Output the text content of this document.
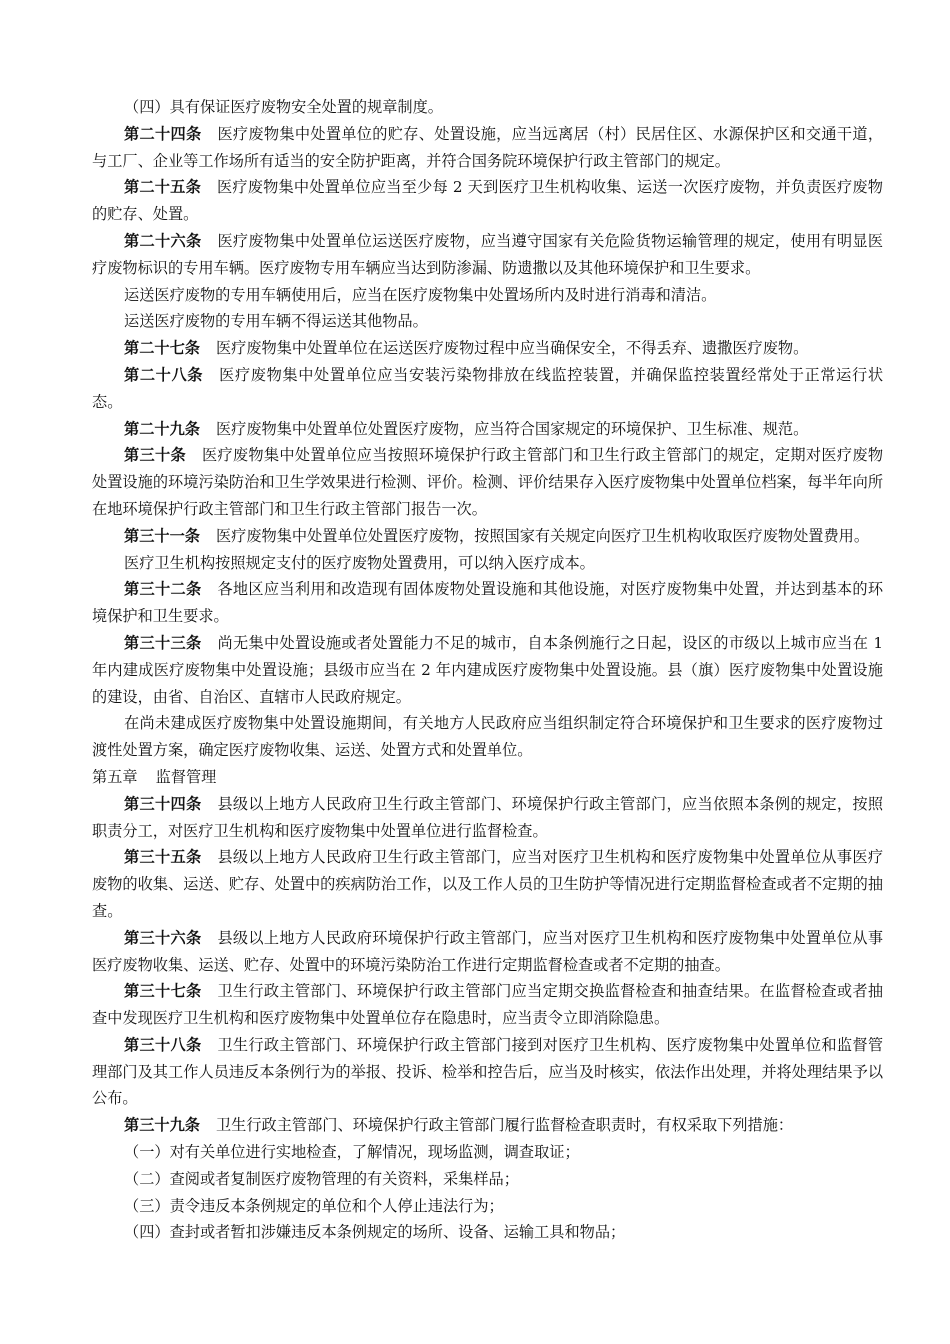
（四）具有保证医疗废物安全处置的规章制度。

第二十四条 医疗废物集中处置单位的贮存、处置设施，应当远离居（村）民居住区、水源保护区和交通干道，与工厂、企业等工作场所有适当的安全防护距离，并符合国务院环境保护行政主管部门的规定。

第二十五条 医疗废物集中处置单位应当至少每 2 天到医疗卫生机构收集、运送一次医疗废物，并负责医疗废物的贮存、处置。

第二十六条 医疗废物集中处置单位运送医疗废物，应当遵守国家有关危险货物运输管理的规定，使用有明显医疗废物标识的专用车辆。医疗废物专用车辆应当达到防渗漏、防遗撒以及其他环境保护和卫生要求。

运送医疗废物的专用车辆使用后，应当在医疗废物集中处置场所内及时进行消毒和清洁。

运送医疗废物的专用车辆不得运送其他物品。

第二十七条 医疗废物集中处置单位在运送医疗废物过程中应当确保安全，不得丢弃、遗撒医疗废物。

第二十八条 医疗废物集中处置单位应当安装污染物排放在线监控装置，并确保监控装置经常处于正常运行状态。

第二十九条 医疗废物集中处置单位处置医疗废物，应当符合国家规定的环境保护、卫生标准、规范。

第三十条 医疗废物集中处置单位应当按照环境保护行政主管部门和卫生行政主管部门的规定，定期对医疗废物处置设施的环境污染防治和卫生学效果进行检测、评价。检测、评价结果存入医疗废物集中处置单位档案，每半年向所在地环境保护行政主管部门和卫生行政主管部门报告一次。

第三十一条 医疗废物集中处置单位处置医疗废物，按照国家有关规定向医疗卫生机构收取医疗废物处置费用。

医疗卫生机构按照规定支付的医疗废物处置费用，可以纳入医疗成本。

第三十二条 各地区应当利用和改造现有固体废物处置设施和其他设施，对医疗废物集中处置，并达到基本的环境保护和卫生要求。

第三十三条 尚无集中处置设施或者处置能力不足的城市，自本条例施行之日起，设区的市级以上城市应当在 1 年内建成医疗废物集中处置设施；县级市应当在 2 年内建成医疗废物集中处置设施。县（旗）医疗废物集中处置设施的建设，由省、自治区、直辖市人民政府规定。

在尚未建成医疗废物集中处置设施期间，有关地方人民政府应当组织制定符合环境保护和卫生要求的医疗废物过渡性处置方案，确定医疗废物收集、运送、处置方式和处置单位。

第五章 监督管理

第三十四条 县级以上地方人民政府卫生行政主管部门、环境保护行政主管部门，应当依照本条例的规定，按照职责分工，对医疗卫生机构和医疗废物集中处置单位进行监督检查。

第三十五条 县级以上地方人民政府卫生行政主管部门，应当对医疗卫生机构和医疗废物集中处置单位从事医疗废物的收集、运送、贮存、处置中的疾病防治工作，以及工作人员的卫生防护等情况进行定期监督检查或者不定期的抽查。

第三十六条 县级以上地方人民政府环境保护行政主管部门，应当对医疗卫生机构和医疗废物集中处置单位从事医疗废物收集、运送、贮存、处置中的环境污染防治工作进行定期监督检查或者不定期的抽查。

第三十七条 卫生行政主管部门、环境保护行政主管部门应当定期交换监督检查和抽查结果。在监督检查或者抽查中发现医疗卫生机构和医疗废物集中处置单位存在隐患时，应当责令立即消除隐患。

第三十八条 卫生行政主管部门、环境保护行政主管部门接到对医疗卫生机构、医疗废物集中处置单位和监督管理部门及其工作人员违反本条例行为的举报、投诉、检举和控告后，应当及时核实，依法作出处理，并将处理结果予以公布。

第三十九条 卫生行政主管部门、环境保护行政主管部门履行监督检查职责时，有权采取下列措施：

（一）对有关单位进行实地检查，了解情况，现场监测，调查取证；

（二）查阅或者复制医疗废物管理的有关资料，采集样品；

（三）责令违反本条例规定的单位和个人停止违法行为；

（四）查封或者暂扣涉嫌违反本条例规定的场所、设备、运输工具和物品；
